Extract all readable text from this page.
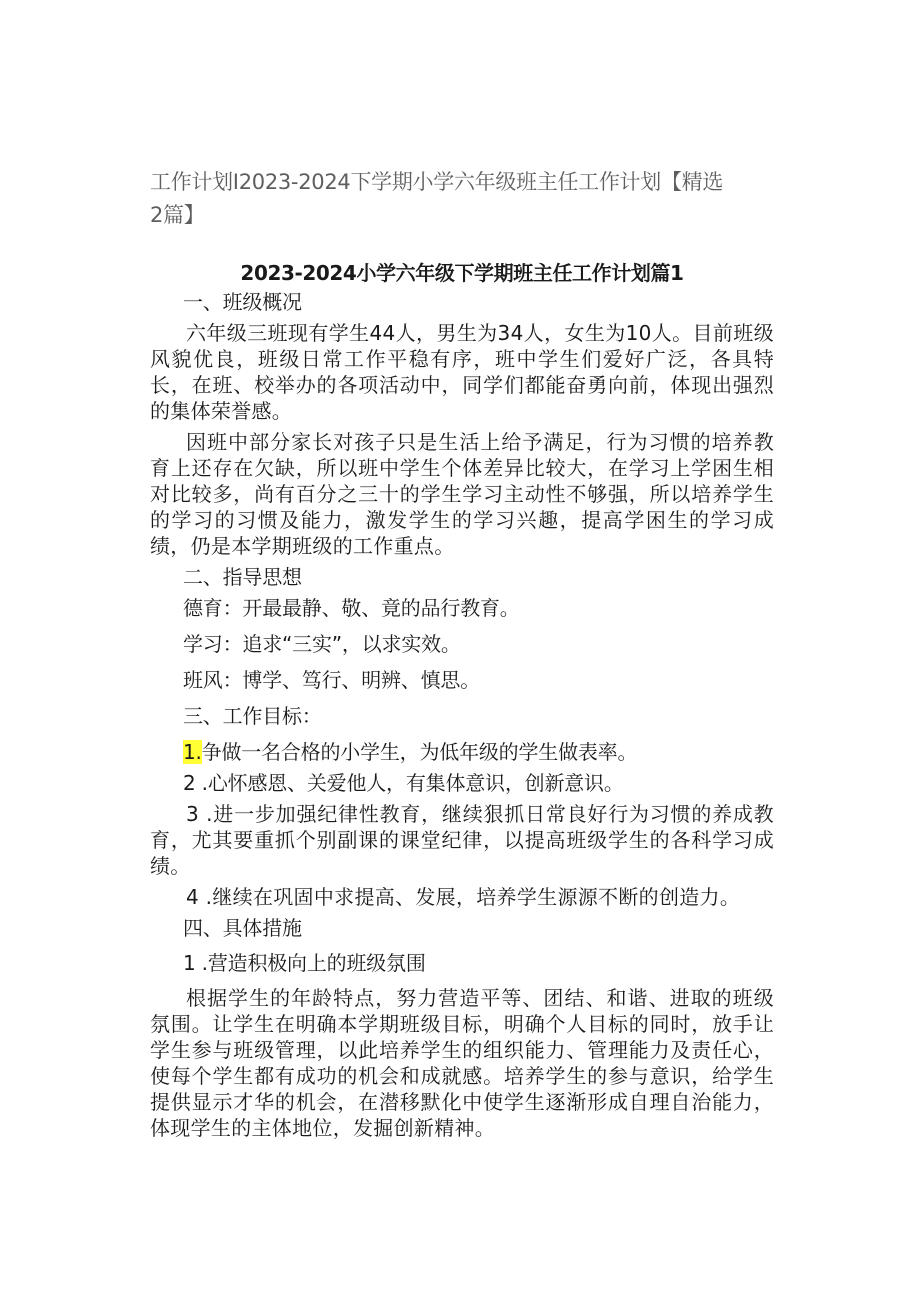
工作计划I2023-2024下学期小学六年级班主任工作计划【精选2篇】
2023-2024小学六年级下学期班主任工作计划篇1

一、班级概况

六年级三班现有学生44人，男生为34人，女生为10人。目前班级风貌优良，班级日常工作平稳有序，班中学生们爱好广泛，各具特长，在班、校举办的各项活动中，同学们都能奋勇向前，体现出强烈的集体荣誉感。

因班中部分家长对孩子只是生活上给予满足，行为习惯的培养教育上还存在欠缺，所以班中学生个体差异比较大，在学习上学困生相对比较多，尚有百分之三十的学生学习主动性不够强，所以培养学生的学习的习惯及能力，激发学生的学习兴趣，提高学困生的学习成绩，仍是本学期班级的工作重点。

二、指导思想

德育：开最最静、敬、竟的品行教育。

学习：追求“三实”，以求实效。

班风：博学、笃行、明辨、慎思。

三、工作目标：

1.争做一名合格的小学生，为低年级的学生做表率。

2 .心怀感恩、关爱他人，有集体意识，创新意识。

3 .进一步加强纪律性教育，继续狠抓日常良好行为习惯的养成教育，尤其要重抓个别副课的课堂纪律，以提高班级学生的各科学习成绩。

4 .继续在巩固中求提高、发展，培养学生源源不断的创造力。

四、具体措施

1 .营造积极向上的班级氛围

根据学生的年龄特点，努力营造平等、团结、和谐、进取的班级氛围。让学生在明确本学期班级目标，明确个人目标的同时，放手让学生参与班级管理，以此培养学生的组织能力、管理能力及责任心，使每个学生都有成功的机会和成就感。培养学生的参与意识，给学生提供显示才华的机会，在潜移默化中使学生逐渐形成自理自治能力，体现学生的主体地位，发掘创新精神。
